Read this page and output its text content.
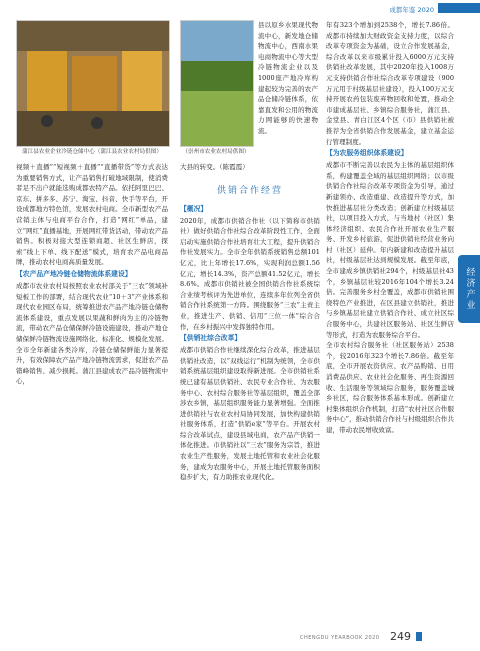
成都年鉴 2020
蒲江县农业企业冷链仓储中心（蒲江县农业农村局供图）	（崇州市农业农村局供图）

视频＋直播”“短视频＋直播”“直播带货”等方式表达为重要销售方式，让产品销售打破地域限制，使消费者足不出户就能选购成都农特产品。依托阿里巴巴、京东、拼多多、苏宁、淘宝、抖音、快手等平台，开设成都地方特色馆，发展农村电商。全市新型农产品营销主体与电商平台合作，打造“网红”单品，建立“网红”直播基地，开展网红带货活动，带动农产品销售。积极对接大型连锁商超、社区生鲜店，探索“线上下单、线下配送”模式，培育农产品电商品牌，推动农村电商高质量发展。

【农产品产地冷链仓储物流体系建设】

成都市农业农村局按照农业农村部关于“三农”领域补短板工作的部署，结合现代农业“10＋3”产业体系和现代农业园区布局，统筹推进农产品产地冷链仓储物流体系建设，重点发展以果蔬和鲜肉为主的冷链物流，带动农产品仓储保鲜冷链设施建设，推动产地仓储保鲜冷链物流设施网络化、标准化、规模化发展。全市全年新建各类冷库，冷链仓储保鲜能力显著提升，有效保障农产品产地冷链物流需求，促进农产品错峰销售、减少损耗。蒲江县建成农产品冷链物流中心，

县以原乡水果现代物流中心，新发地仓储物流中心，西南水果电商物流中心等大型冷链物流企业以及1000座产地冷库构建起较为完善的农产品仓储冷链体系，依靠直发和公用的物流力网能够的快速物流。

大县的转变。（陈霞霞）

供销合作经营

【概况】

2020年，成都市供销合作社（以下简称市供销社）做好供销合作社综合改革阶段性工作，全面启动实施供销合作社培育壮大工程，提升供销合作社发展实力。全市全年供销系统销售总额101亿元，比上年增长17.6%，实现利润总额1.56亿元，增长14.3%，资产总额41.52亿元，增长8.6%。成都市供销社被全国供销合作社系统综合业绩考核评为先进单位，连续多年位列全省供销合作社系统第一方阵。围绕服务“三农”主责主业，推进生产、供销、信用“三位一体”综合合作，在乡村振兴中发挥独特作用。

【供销社综合改革】

成都市供销合作社继续深化综合改革，推进基层供销社改造，以“双线运行”机制为统领，全市供销系统基层组织建设取得新进展。全市供销社系统已建有基层供销社、农民专业合作社、为农服务中心、农村综合服务社等基层组织，覆盖全部涉农乡镇，基层组织服务能力显著增强。全面推进供销社与农业农村局协同发展，加快构建供销社服务体系，打造“供销e家”等平台。开展农村综合改革试点，建设县域电商，农产品产供销一体化推进。市供销社以“三农”服务为宗旨，推进农业生产性服务，发展土地托管和农业社会化服务，建成为农服务中心，开展土地托管服务面积稳步扩大，有力助推农业现代化。

年有323个增加到2538个，增长7.86倍。成都市持续加大财政资金支持力度，以综合改革专项资金为基础，设立合作发展基金，综合改革以来市级累计投入6000万元支持供销社改革发展，其中2020年投入1008万元支持供销合作社综合改革专项建设（900万元用于村级基层社建设），投入100万元支持开展农药包装废弃物回收和处置，推动全市建成基层社、乡镇综合服务社，蒲江县、金堂县、青白江区4个区（市）县供销社被推荐为全省供销合作发展基金，建立基金运行管理制度。

【为农服务组织体系建设】

成都市不断完善以农民为主体的基层组织体系，构建覆盖全域的基层组织网络；以市级供销合作社综合改革专项资金为引导，通过新建领办、改造重建、改造提升等方式，加快推进基层社分类改造；创新建立村级基层社，以项目投入方式，与当地村（社区）集体经济组织、农民合作社开展农业生产服务、开发乡村旅游，促进供销社经营业务向村（社区）延伸。年内新建和改造提升基层社，村级基层社达到规模发展。截至年底，全市建成乡镇供销社294个，村级基层社43个，乡镇基层社较2016年104个增长3.24倍。完善服务乡村全覆盖，成都市供销社围绕特色产业推进，在区县建立供销社，推进与乡镇基层社建立供销合作社、成立社区综合服务中心，共建社区服务站、社区生鲜店等形式，打造为农服务综合平台。

全市农村综合服务社（社区服务站）2538个，较2016年323个增长7.86倍。截至年底，全市开展农资供应、农产品购销、日用消费品供应、农业社会化服务、再生资源回收、生活服务等领域综合服务，服务覆盖城乡社区，综合服务体系基本形成。创新建立村集体组织合作机制，打造“农村社区合作服务中心”，推动供销合作社与村级组织合作共建，带动农民增收致富。

经济产业
CHENGDU YEARBOOK 2020 249
